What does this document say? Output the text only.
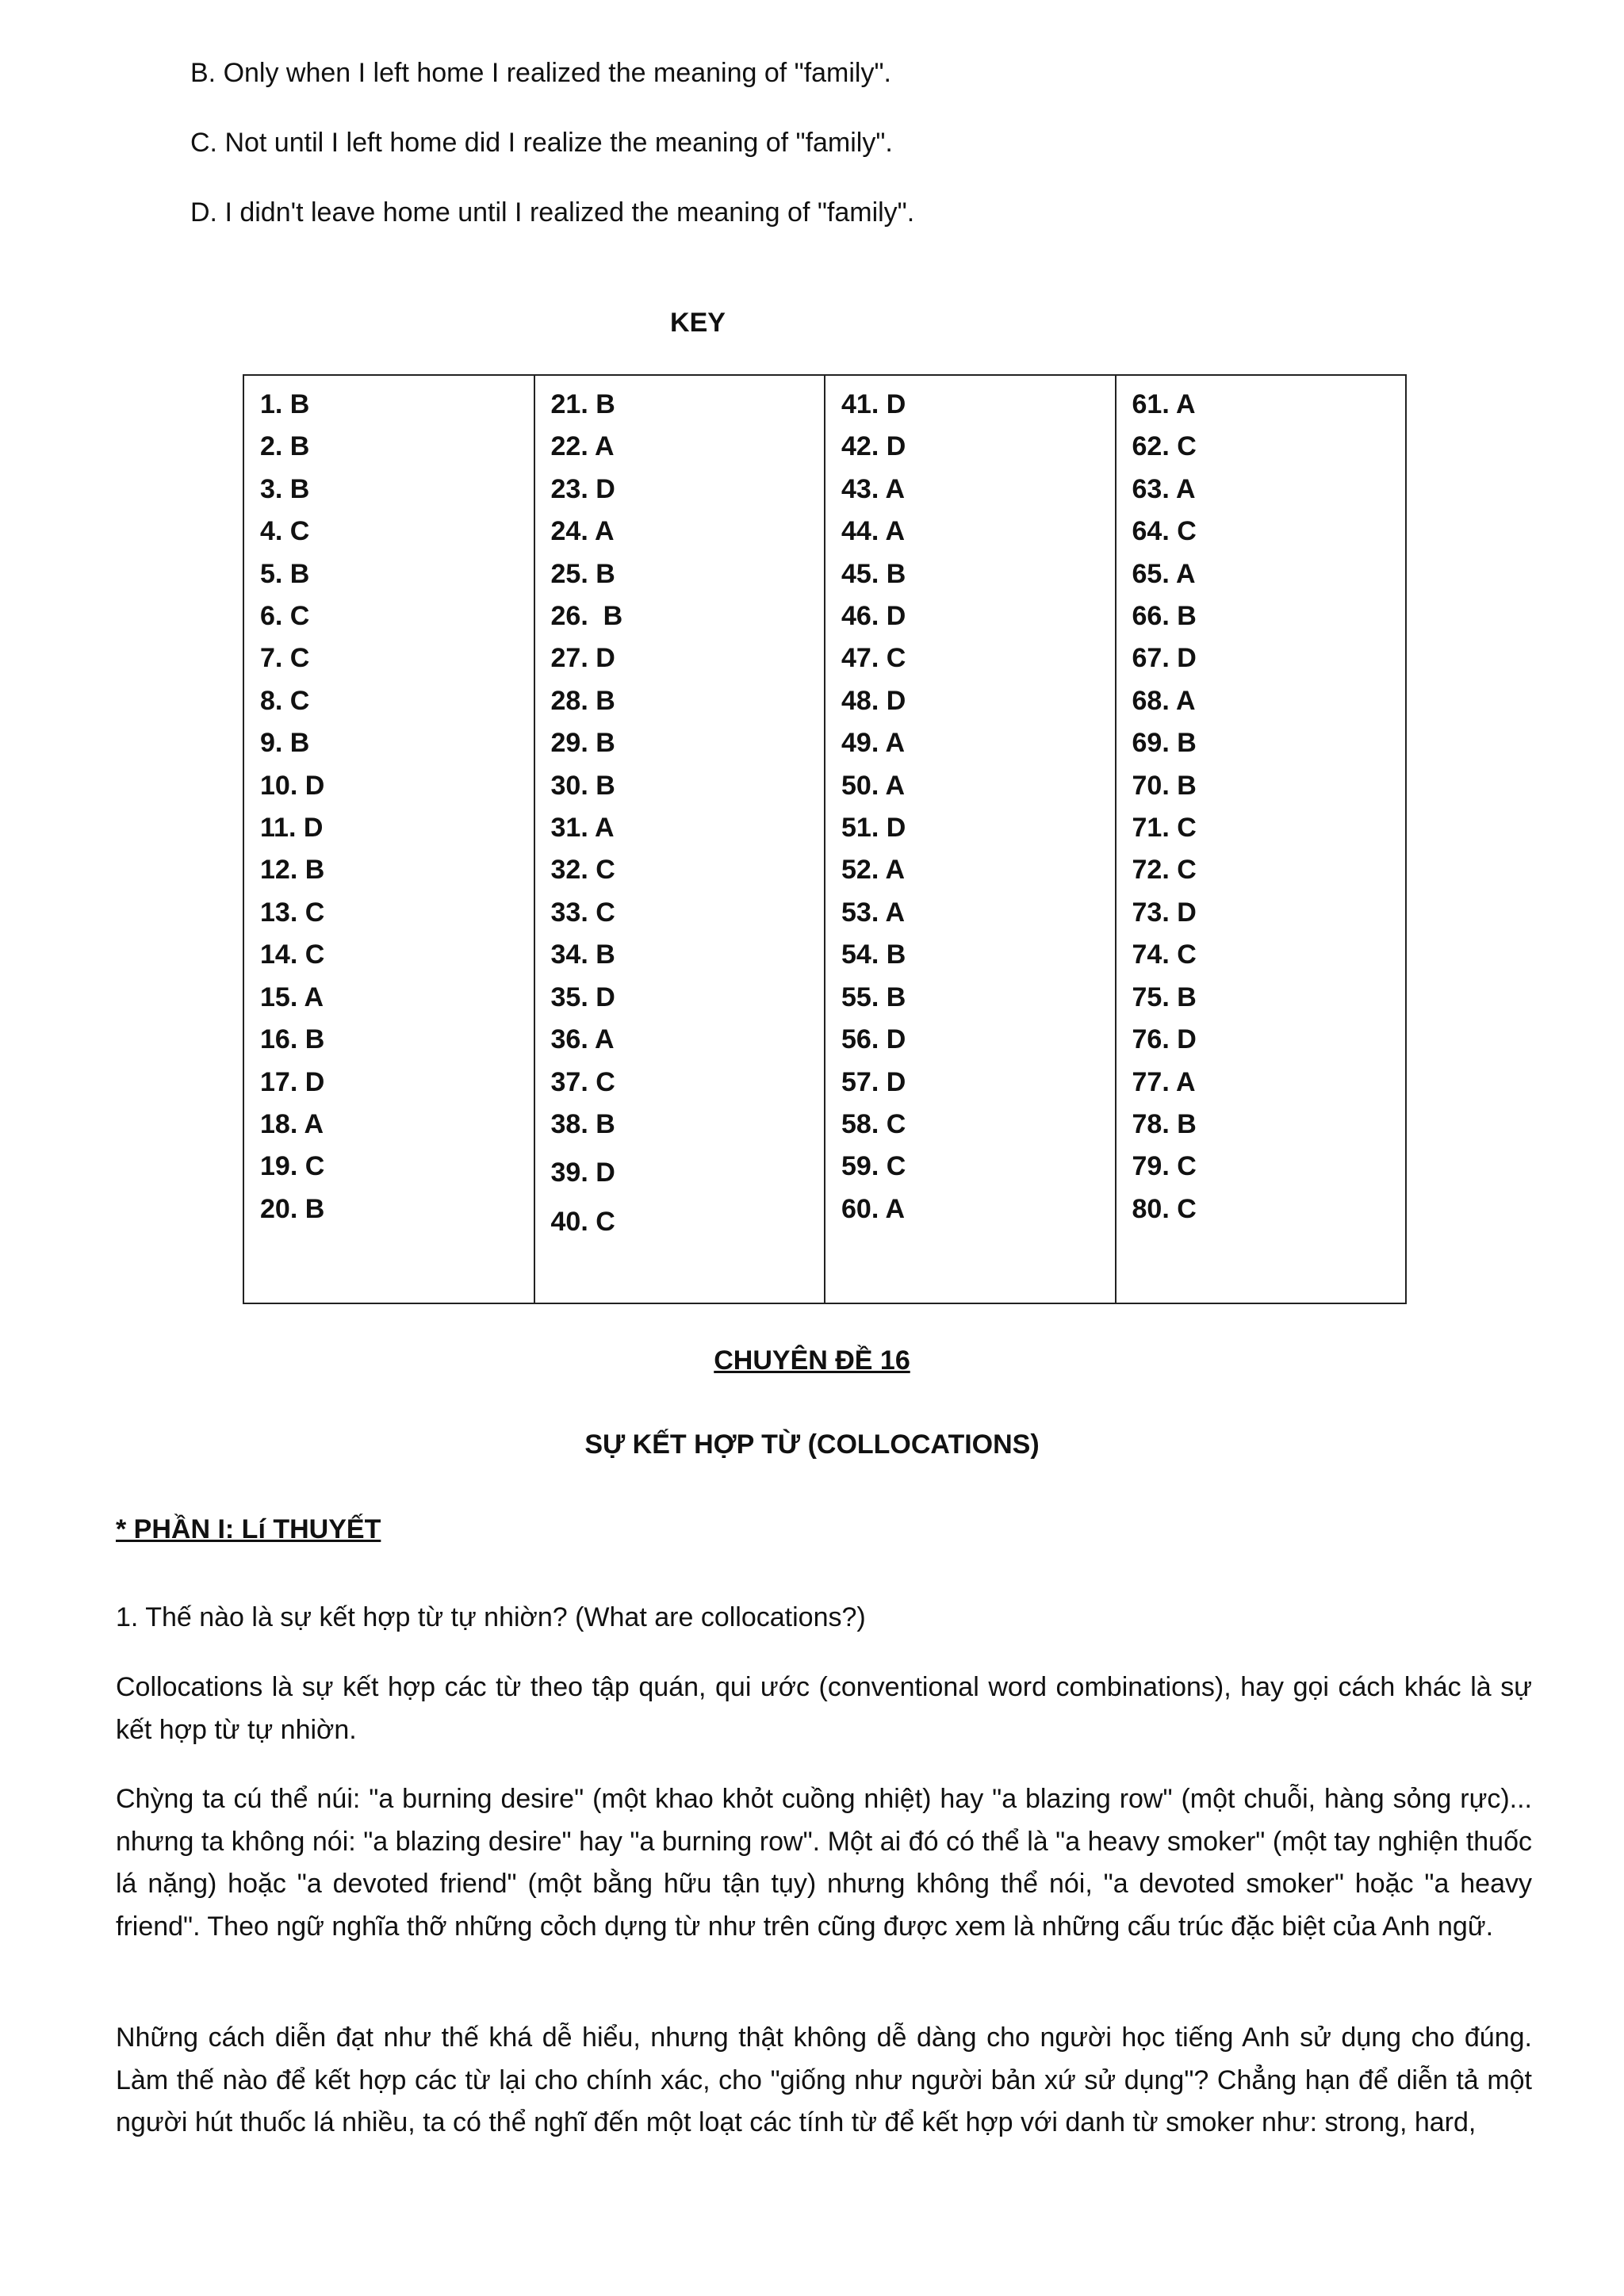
B. Only when I left home I realized the meaning of "family".
C. Not until I left home did I realize the meaning of "family".
D. I didn't leave home until I realized the meaning of "family".
KEY
1. B
2. B
3. B
4. C
5. B
6. C
7. C
8. C
9. B
10. D
11. D
12. B
13. C
14. C
15. A
16. B
17. D
18. A
19. C
20. B

21. B
22. A
23. D
24. A
25. B
26.  B
27. D
28. B
29. B
30. B
31. A
32. C
33. C
34. B
35. D
36. A
37. C
38. B
39. D
40. C

41. D
42. D
43. A
44. A
45. B
46. D
47. C
48. D
49. A
50. A
51. D
52. A
53. A
54. B
55. B
56. D
57. D
58. C
59. C
60. A

61. A
62. C
63. A
64. C
65. A
66. B
67. D
68. A
69. B
70. B
71. C
72. C
73. D
74. C
75. B
76. D
77. A
78. B
79. C
80. C
CHUYÊN ĐỀ 16
SỰ KẾT HỢP TỪ (COLLOCATIONS)
* PHẦN I: Lí THUYẾT
1. Thế nào là sự kết hợp từ tự nhiờn? (What are collocations?)
Collocations là sự kết hợp các từ theo tập quán, qui ước (conventional word combinations), hay gọi cách khác là sự kết hợp từ tự nhiờn.
Chỳng ta cú thể núi: "a burning desire" (một khao khỏt cuồng nhiệt) hay "a blazing row" (một chuỗi, hàng sỏng rực)... nhưng ta không nói: "a blazing desire" hay "a burning row". Một ai đó có thể là "a heavy smoker" (một tay nghiện thuốc lá nặng) hoặc "a devoted friend" (một bằng hữu tận tụy) nhưng không thể nói, "a devoted smoker" hoặc "a heavy friend". Theo ngữ nghĩa thỡ những cỏch dựng từ như trên cũng được xem là những cấu trúc đặc biệt của Anh ngữ.
Những cách diễn đạt như thế khá dễ hiểu, nhưng thật không dễ dàng cho người học tiếng Anh sử dụng cho đúng. Làm thế nào để kết hợp các từ lại cho chính xác, cho "giống như người bản xứ sử dụng"? Chẳng hạn để diễn tả một người hút thuốc lá nhiều, ta có thể nghĩ đến một loạt các tính từ để kết hợp với danh từ smoker như: strong, hard,
